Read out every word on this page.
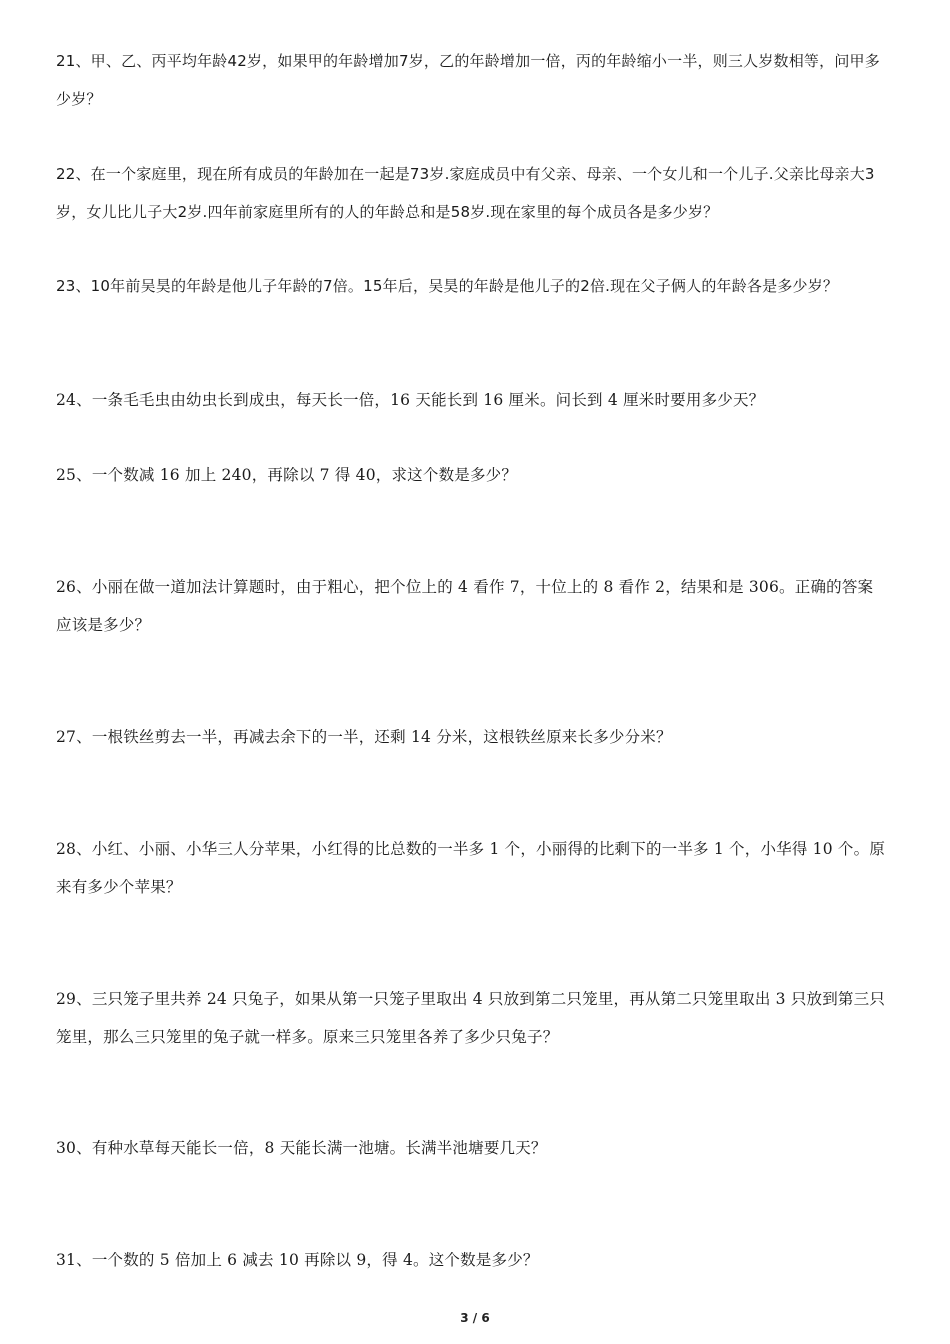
21、甲、乙、丙平均年龄42岁，如果甲的年龄增加7岁，乙的年龄增加一倍，丙的年龄缩小一半，则三人岁数相等，问甲多少岁？

22、在一个家庭里，现在所有成员的年龄加在一起是73岁.家庭成员中有父亲、母亲、一个女儿和一个儿子.父亲比母亲大3岁，女儿比儿子大2岁.四年前家庭里所有的人的年龄总和是58岁.现在家里的每个成员各是多少岁？

23、10年前吴昊的年龄是他儿子年龄的7倍。15年后，吴昊的年龄是他儿子的2倍.现在父子俩人的年龄各是多少岁？

24、一条毛毛虫由幼虫长到成虫，每天长一倍，16 天能长到 16 厘米。问长到 4 厘米时要用多少天？

25、一个数减 16 加上 240，再除以 7 得 40，求这个数是多少？

26、小丽在做一道加法计算题时，由于粗心，把个位上的 4 看作 7，十位上的 8 看作 2，结果和是 306。正确的答案应该是多少？

27、一根铁丝剪去一半，再减去余下的一半，还剩 14 分米，这根铁丝原来长多少分米？

28、小红、小丽、小华三人分苹果，小红得的比总数的一半多 1 个，小丽得的比剩下的一半多 1 个，小华得 10 个。原来有多少个苹果？

29、三只笼子里共养 24 只兔子，如果从第一只笼子里取出 4 只放到第二只笼里，再从第二只笼里取出 3 只放到第三只笼里，那么三只笼里的兔子就一样多。原来三只笼里各养了多少只兔子？

30、有种水草每天能长一倍，8 天能长满一池塘。长满半池塘要几天？

31、一个数的 5 倍加上 6 减去 10 再除以 9，得 4。这个数是多少？

3 / 6
